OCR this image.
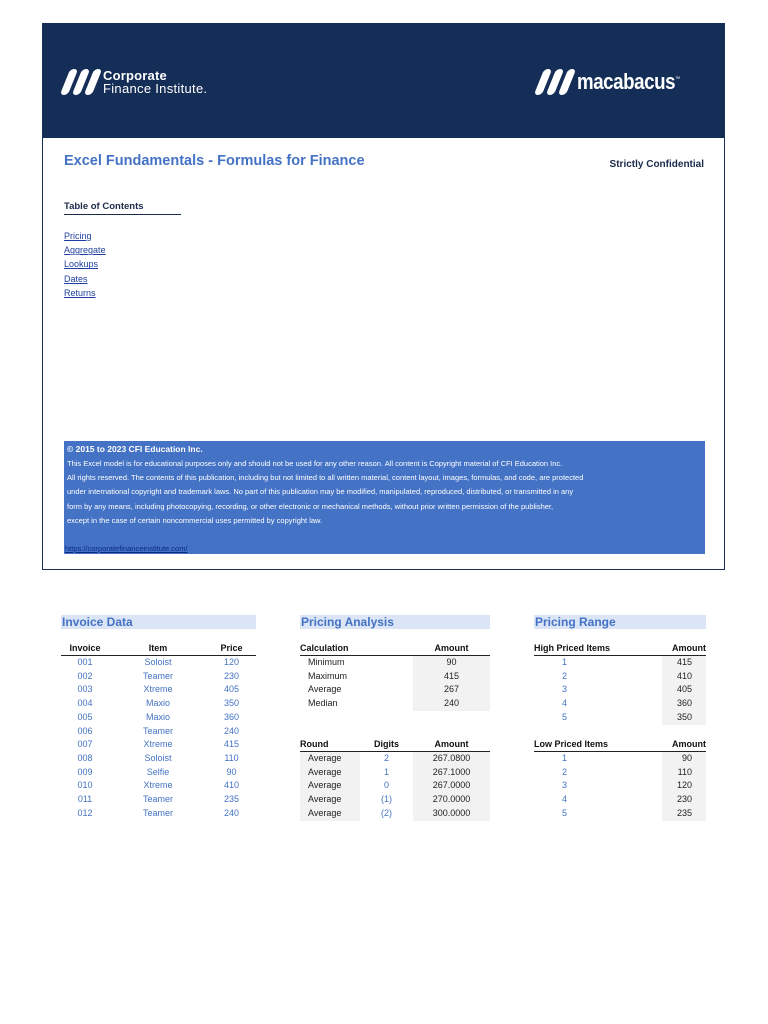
Corporate
Finance Institute.	macabacus™
Excel Fundamentals - Formulas for Finance	Strictly Confidential
Table of Contents
Pricing
Aggregate
Lookups
Dates
Returns
© 2015 to 2023 CFI Education Inc.
This Excel model is for educational purposes only and should not be used for any other reason. All content is Copyright material of CFI Education Inc.
All rights reserved. The contents of this publication, including but not limited to all written material, content layout, images, formulas, and code, are protected
under international copyright and trademark laws. No part of this publication may be modified, manipulated, reproduced, distributed, or transmitted in any
form by any means, including photocopying, recording, or other electronic or mechanical methods, without prior written permission of the publisher,
except in the case of certain noncommercial uses permitted by copyright law.
https://corporatefinanceinstitute.com/
Invoice Data
Invoice	Item	Price
001	Soloist	120
002	Teamer	230
003	Xtreme	405
004	Maxio	350
005	Maxio	360
006	Teamer	240
007	Xtreme	415
008	Soloist	110
009	Selfie	90
010	Xtreme	410
011	Teamer	235
012	Teamer	240
Pricing Analysis
Calculation	Amount
Minimum	90
Maximum	415
Average	267
Median	240
Round	Digits	Amount
Average	2	267.0800
Average	1	267.1000
Average	0	267.0000
Average	(1)	270.0000
Average	(2)	300.0000
Pricing Range
High Priced Items	Amount
1	415
2	410
3	405
4	360
5	350
Low Priced Items	Amount
1	90
2	110
3	120
4	230
5	235
